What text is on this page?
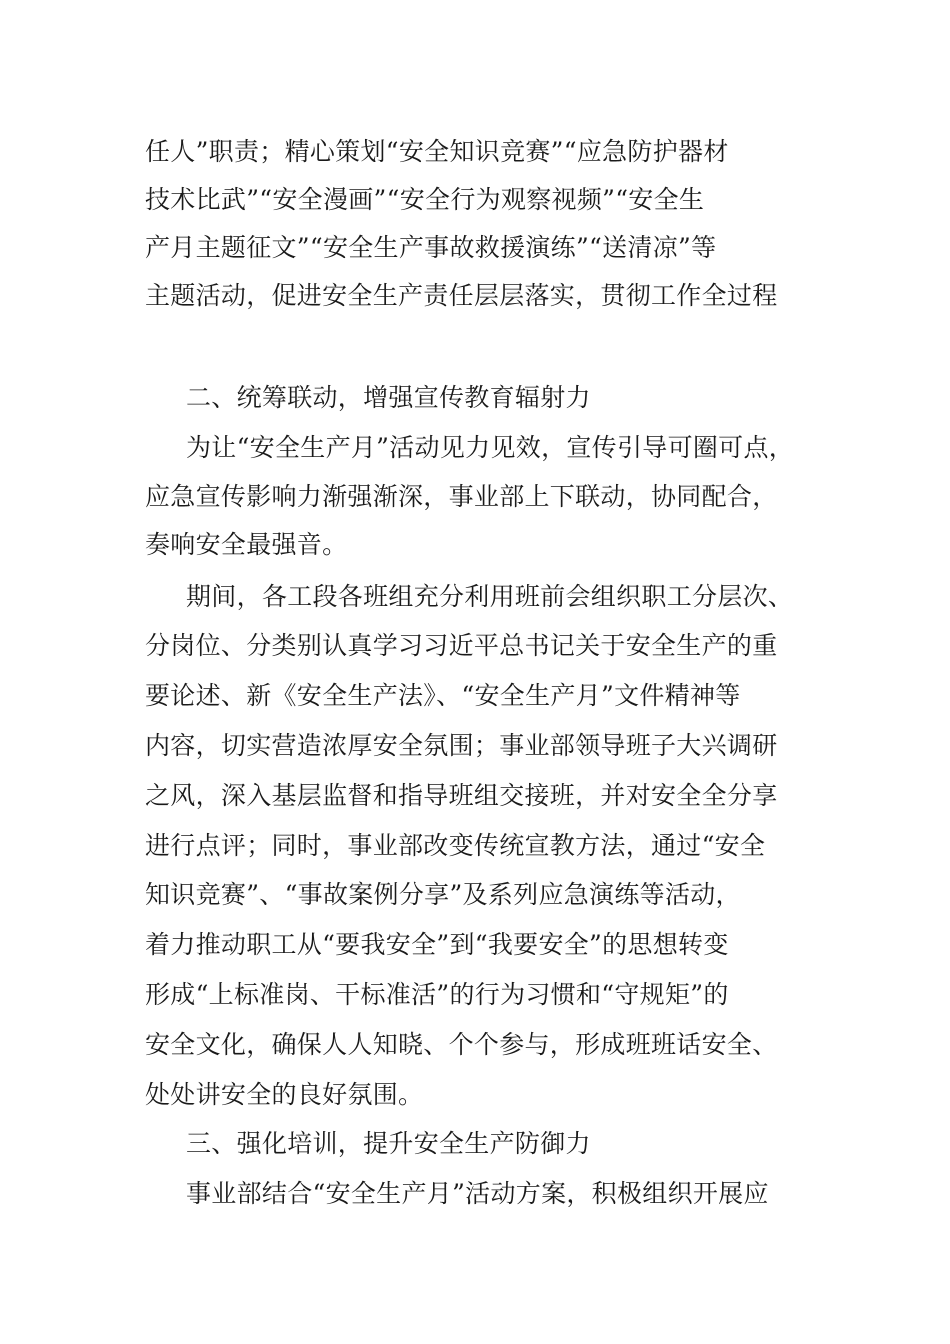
任人”职责；精心策划“安全知识竞赛”“应急防护器材
技术比武”“安全漫画”“安全行为观察视频”“安全生
产月主题征文”“安全生产事故救援演练”“送清凉”等
主题活动，促进安全生产责任层层落实，贯彻工作全过程
二、统筹联动，增强宣传教育辐射力
为让“安全生产月”活动见力见效，宣传引导可圈可点，
应急宣传影响力渐强渐深，事业部上下联动，协同配合，
奏响安全最强音。
期间，各工段各班组充分利用班前会组织职工分层次、
分岗位、分类别认真学习习近平总书记关于安全生产的重
要论述、新《安全生产法》、“安全生产月”文件精神等
内容，切实营造浓厚安全氛围；事业部领导班子大兴调研
之风，深入基层监督和指导班组交接班，并对安全全分享
进行点评；同时，事业部改变传统宣教方法，通过“安全
知识竞赛”、“事故案例分享”及系列应急演练等活动，
着力推动职工从“要我安全”到“我要安全”的思想转变
形成“上标准岗、干标准活”的行为习惯和“守规矩”的
安全文化，确保人人知晓、个个参与，形成班班话安全、
处处讲安全的良好氛围。
三、强化培训，提升安全生产防御力
事业部结合“安全生产月”活动方案，积极组织开展应
